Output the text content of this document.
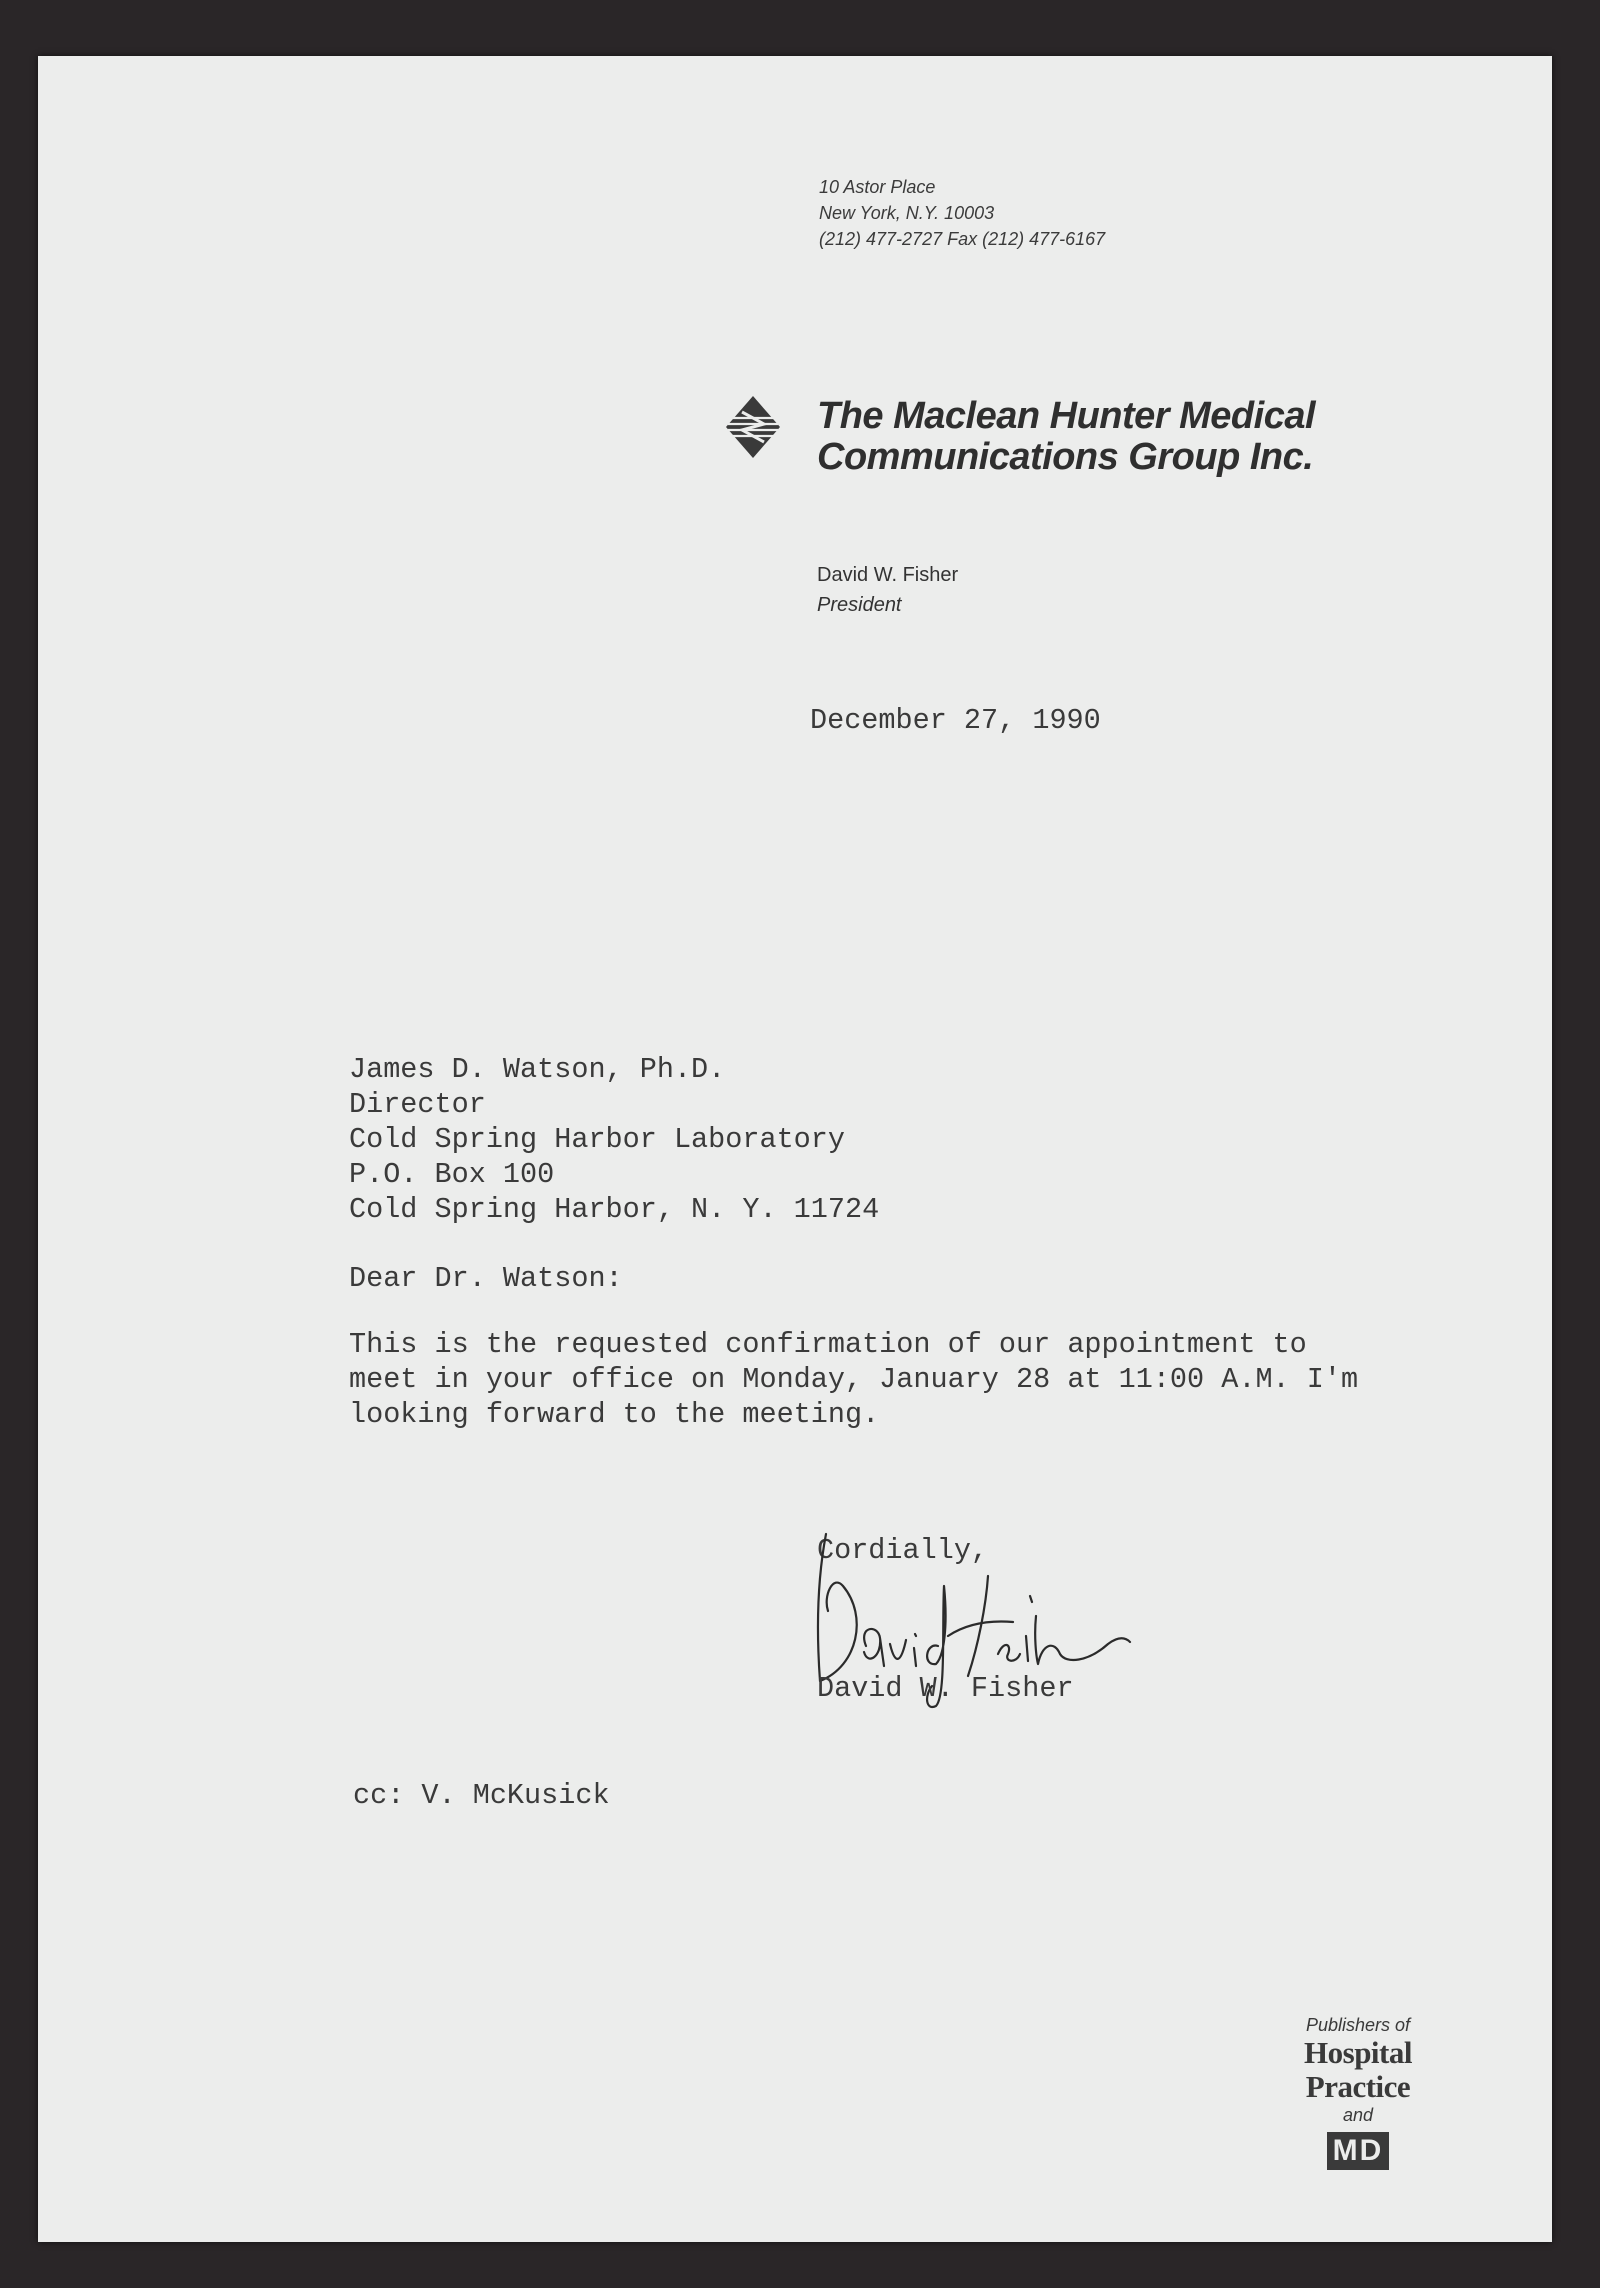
10 Astor Place
New York, N.Y. 10003
(212) 477-2727 Fax (212) 477-6167
The Maclean Hunter Medical
Communications Group Inc.
David W. Fisher
President
December 27, 1990
James D. Watson, Ph.D.
Director
Cold Spring Harbor Laboratory
P.O. Box 100
Cold Spring Harbor, N. Y. 11724
Dear Dr. Watson:
This is the requested confirmation of our appointment to
meet in your office on Monday, January 28 at 11:00 A.M. I'm
looking forward to the meeting.
Cordially,
David W. Fisher
cc: V. McKusick
Publishers of
Hospital
Practice
and
MD
